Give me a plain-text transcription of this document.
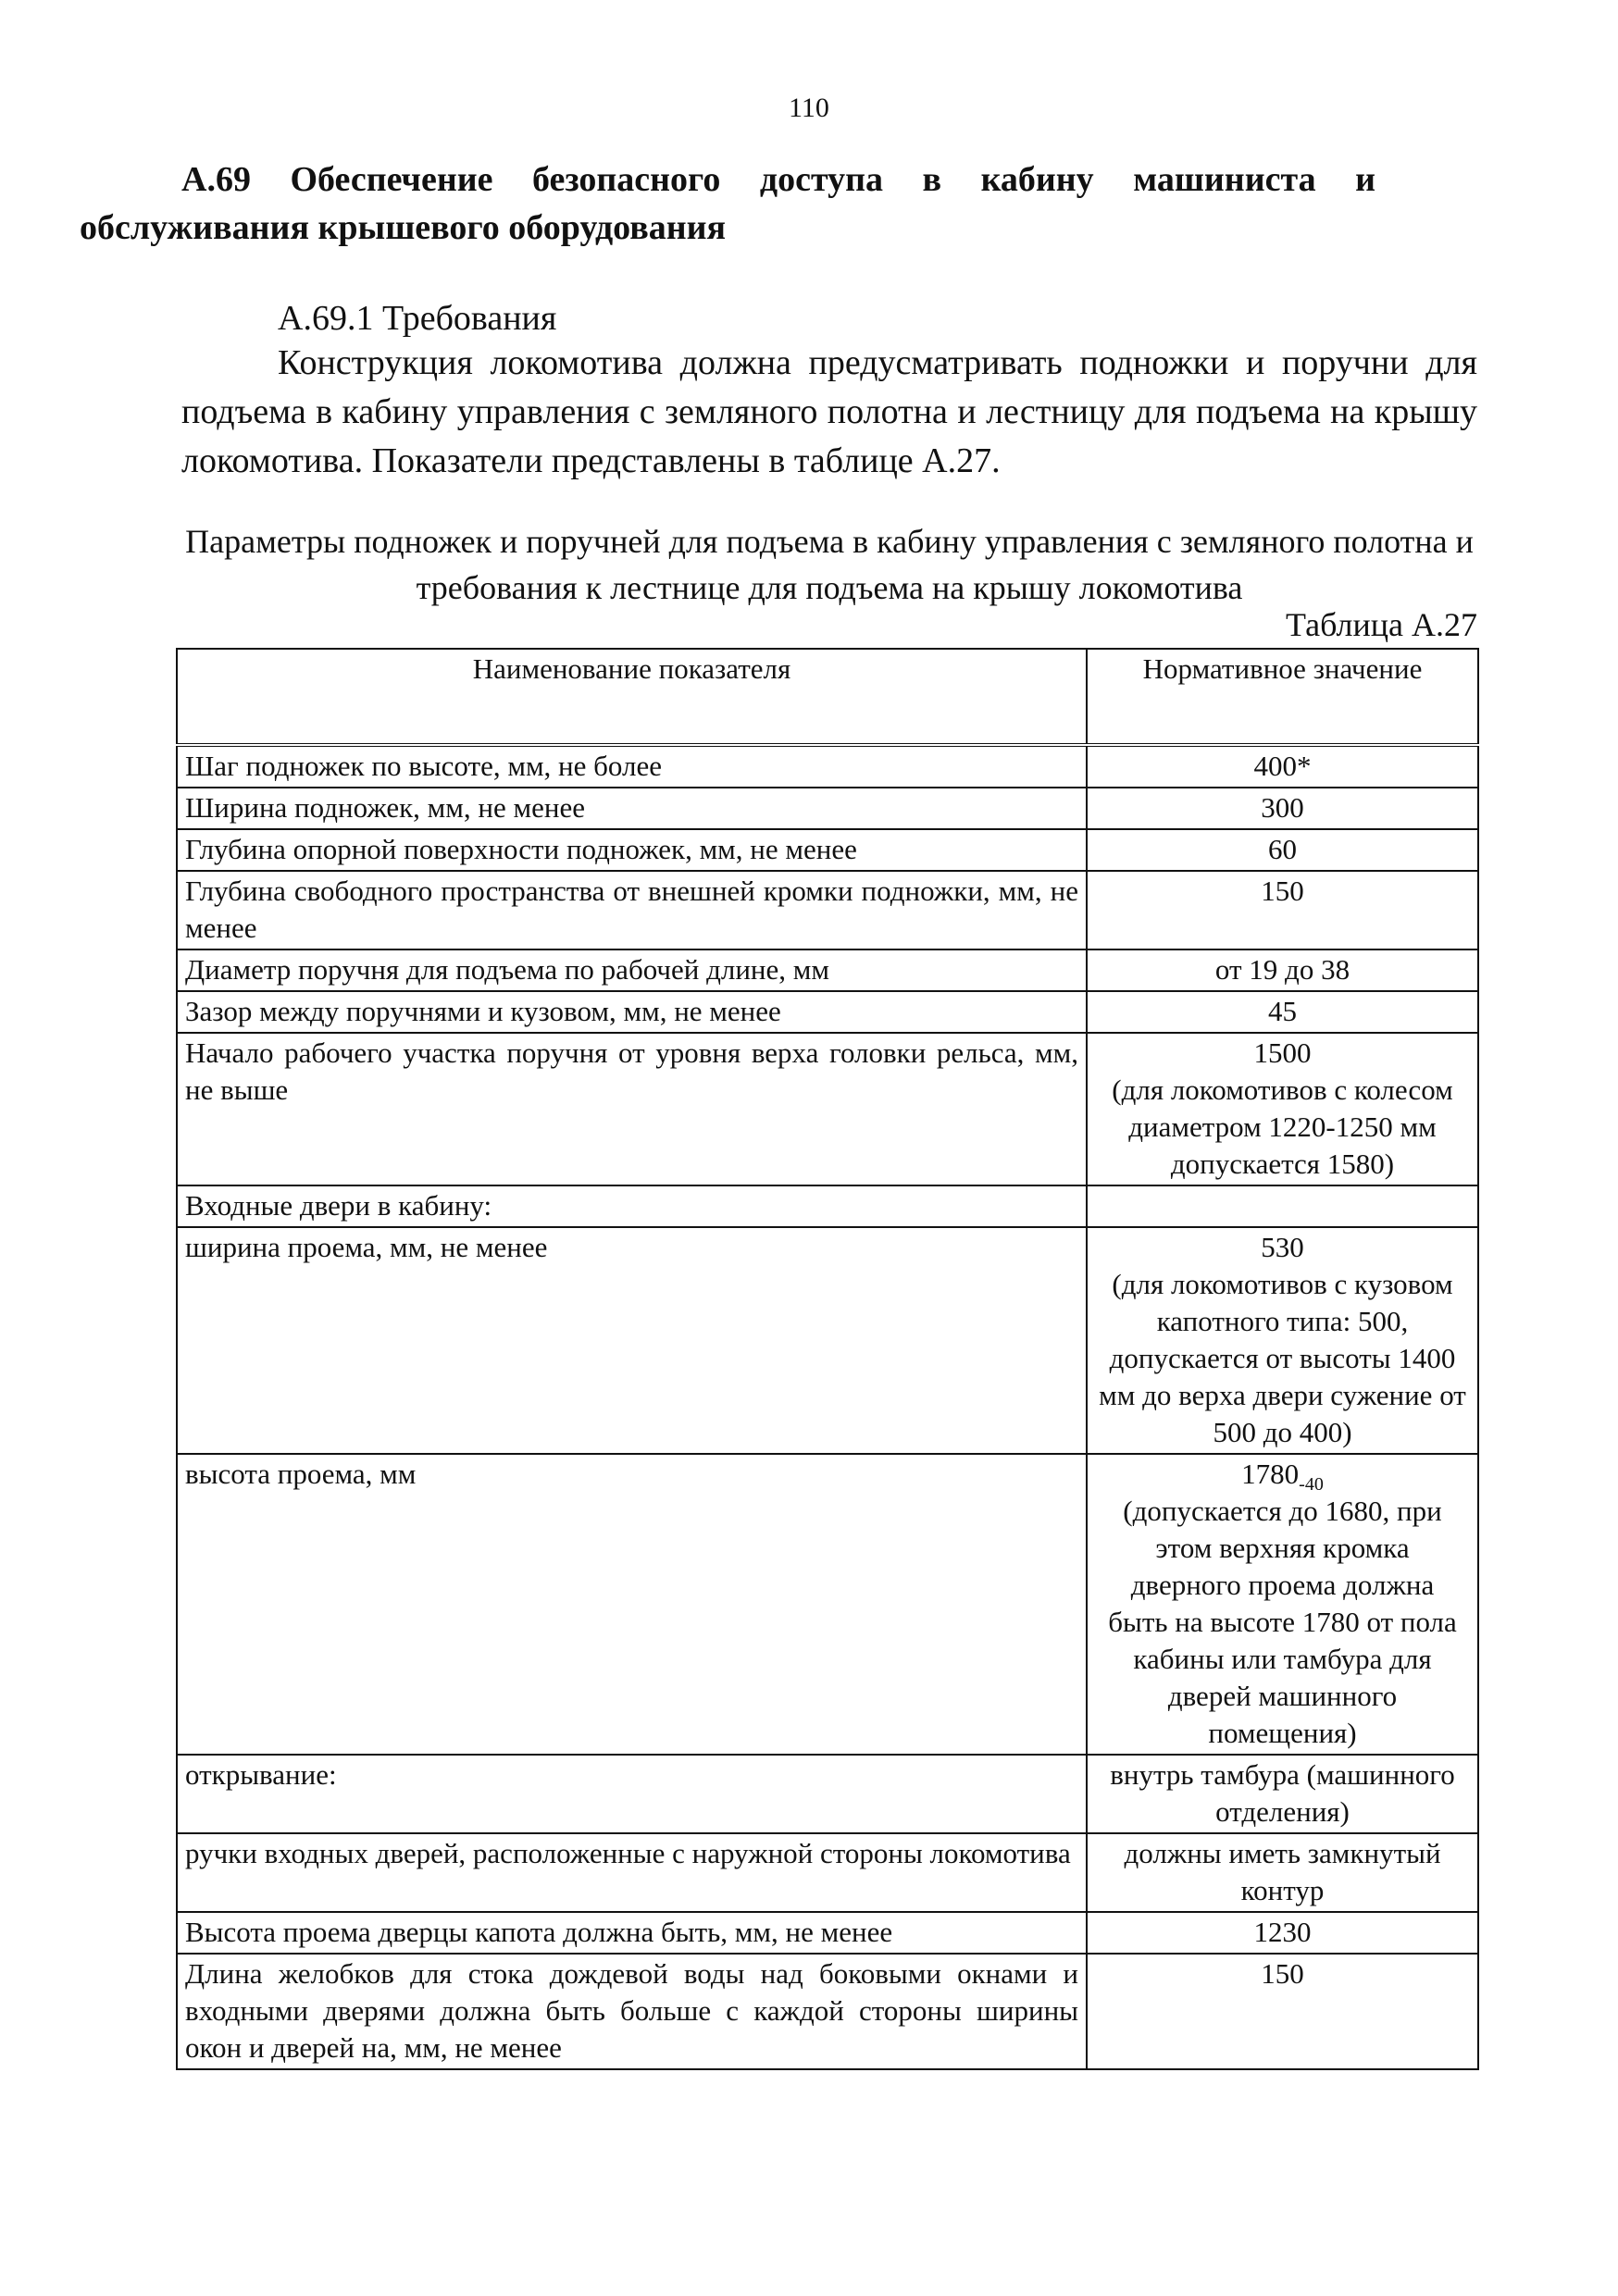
110
А.69 Обеспечение безопасного доступа в кабину машиниста и обслуживания крышевого оборудования
А.69.1 Требования
Конструкция локомотива должна предусматривать подножки и поручни для подъема в кабину управления с земляного полотна и лестницу для подъема на крышу локомотива. Показатели представлены в таблице А.27.
Параметры подножек и поручней для подъема в кабину управления с земляного полотна и требования к лестнице для подъема на крышу локомотива
Таблица А.27
Наименование показателя	Нормативное значение
Шаг подножек по высоте, мм, не более	400*
Ширина подножек, мм, не менее	300
Глубина опорной поверхности подножек, мм, не менее	60
Глубина свободного пространства от внешней кромки подножки, мм, не менее	150
Диаметр поручня для подъема по рабочей длине, мм	от 19 до 38
Зазор между поручнями и кузовом, мм, не менее	45
Начало рабочего участка поручня от уровня верха головки рельса, мм, не выше	1500
(для локомотивов с колесом диаметром 1220-1250 мм допускается 1580)

Входные двери в кабину:	
ширина проема, мм, не менее	530
(для локомотивов с кузовом капотного типа: 500, допускается от высоты 1400 мм до верха двери сужение от 500 до 400)

высота проема, мм	$1780_{-40}$
(допускается до 1680, при этом верхняя кромка дверного проема должна быть на высоте 1780 от пола кабины или тамбура для дверей машинного помещения)

открывание:	внутрь тамбура (машинного отделения)
ручки входных дверей, расположенные с наружной стороны локомотива	должны иметь замкнутый контур
Высота проема дверцы капота должна быть, мм, не менее	1230
Длина желобков для стока дождевой воды над боковыми окнами и входными дверями должна быть больше с каждой стороны ширины окон и дверей на, мм, не менее	150
